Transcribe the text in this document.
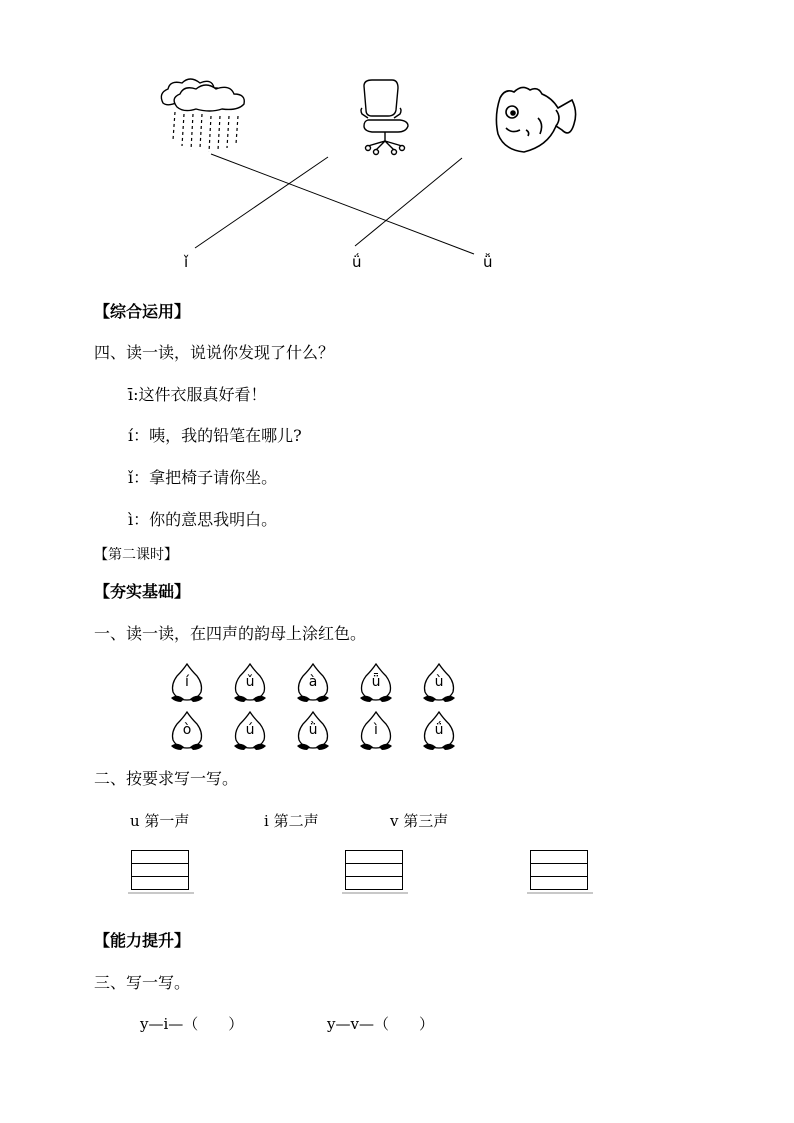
ǐ	ǘ	ǚ
【综合运用】
四、读一读，说说你发现了什么？
ī:这件衣服真好看！
í：咦，我的铅笔在哪儿?
ǐ：拿把椅子请你坐。
ì：你的意思我明白。
【第二课时】
【夯实基础】
一、读一读，在四声的韵母上涂红色。
í	ǔ	à	ǖ	ù
ò	ú	ǜ	ì	ǘ
二、按要求写一写。
u 第一声	i 第二声	v 第三声
【能力提升】
三、写一写。
y—i—（　　）	y—v—（　　）
